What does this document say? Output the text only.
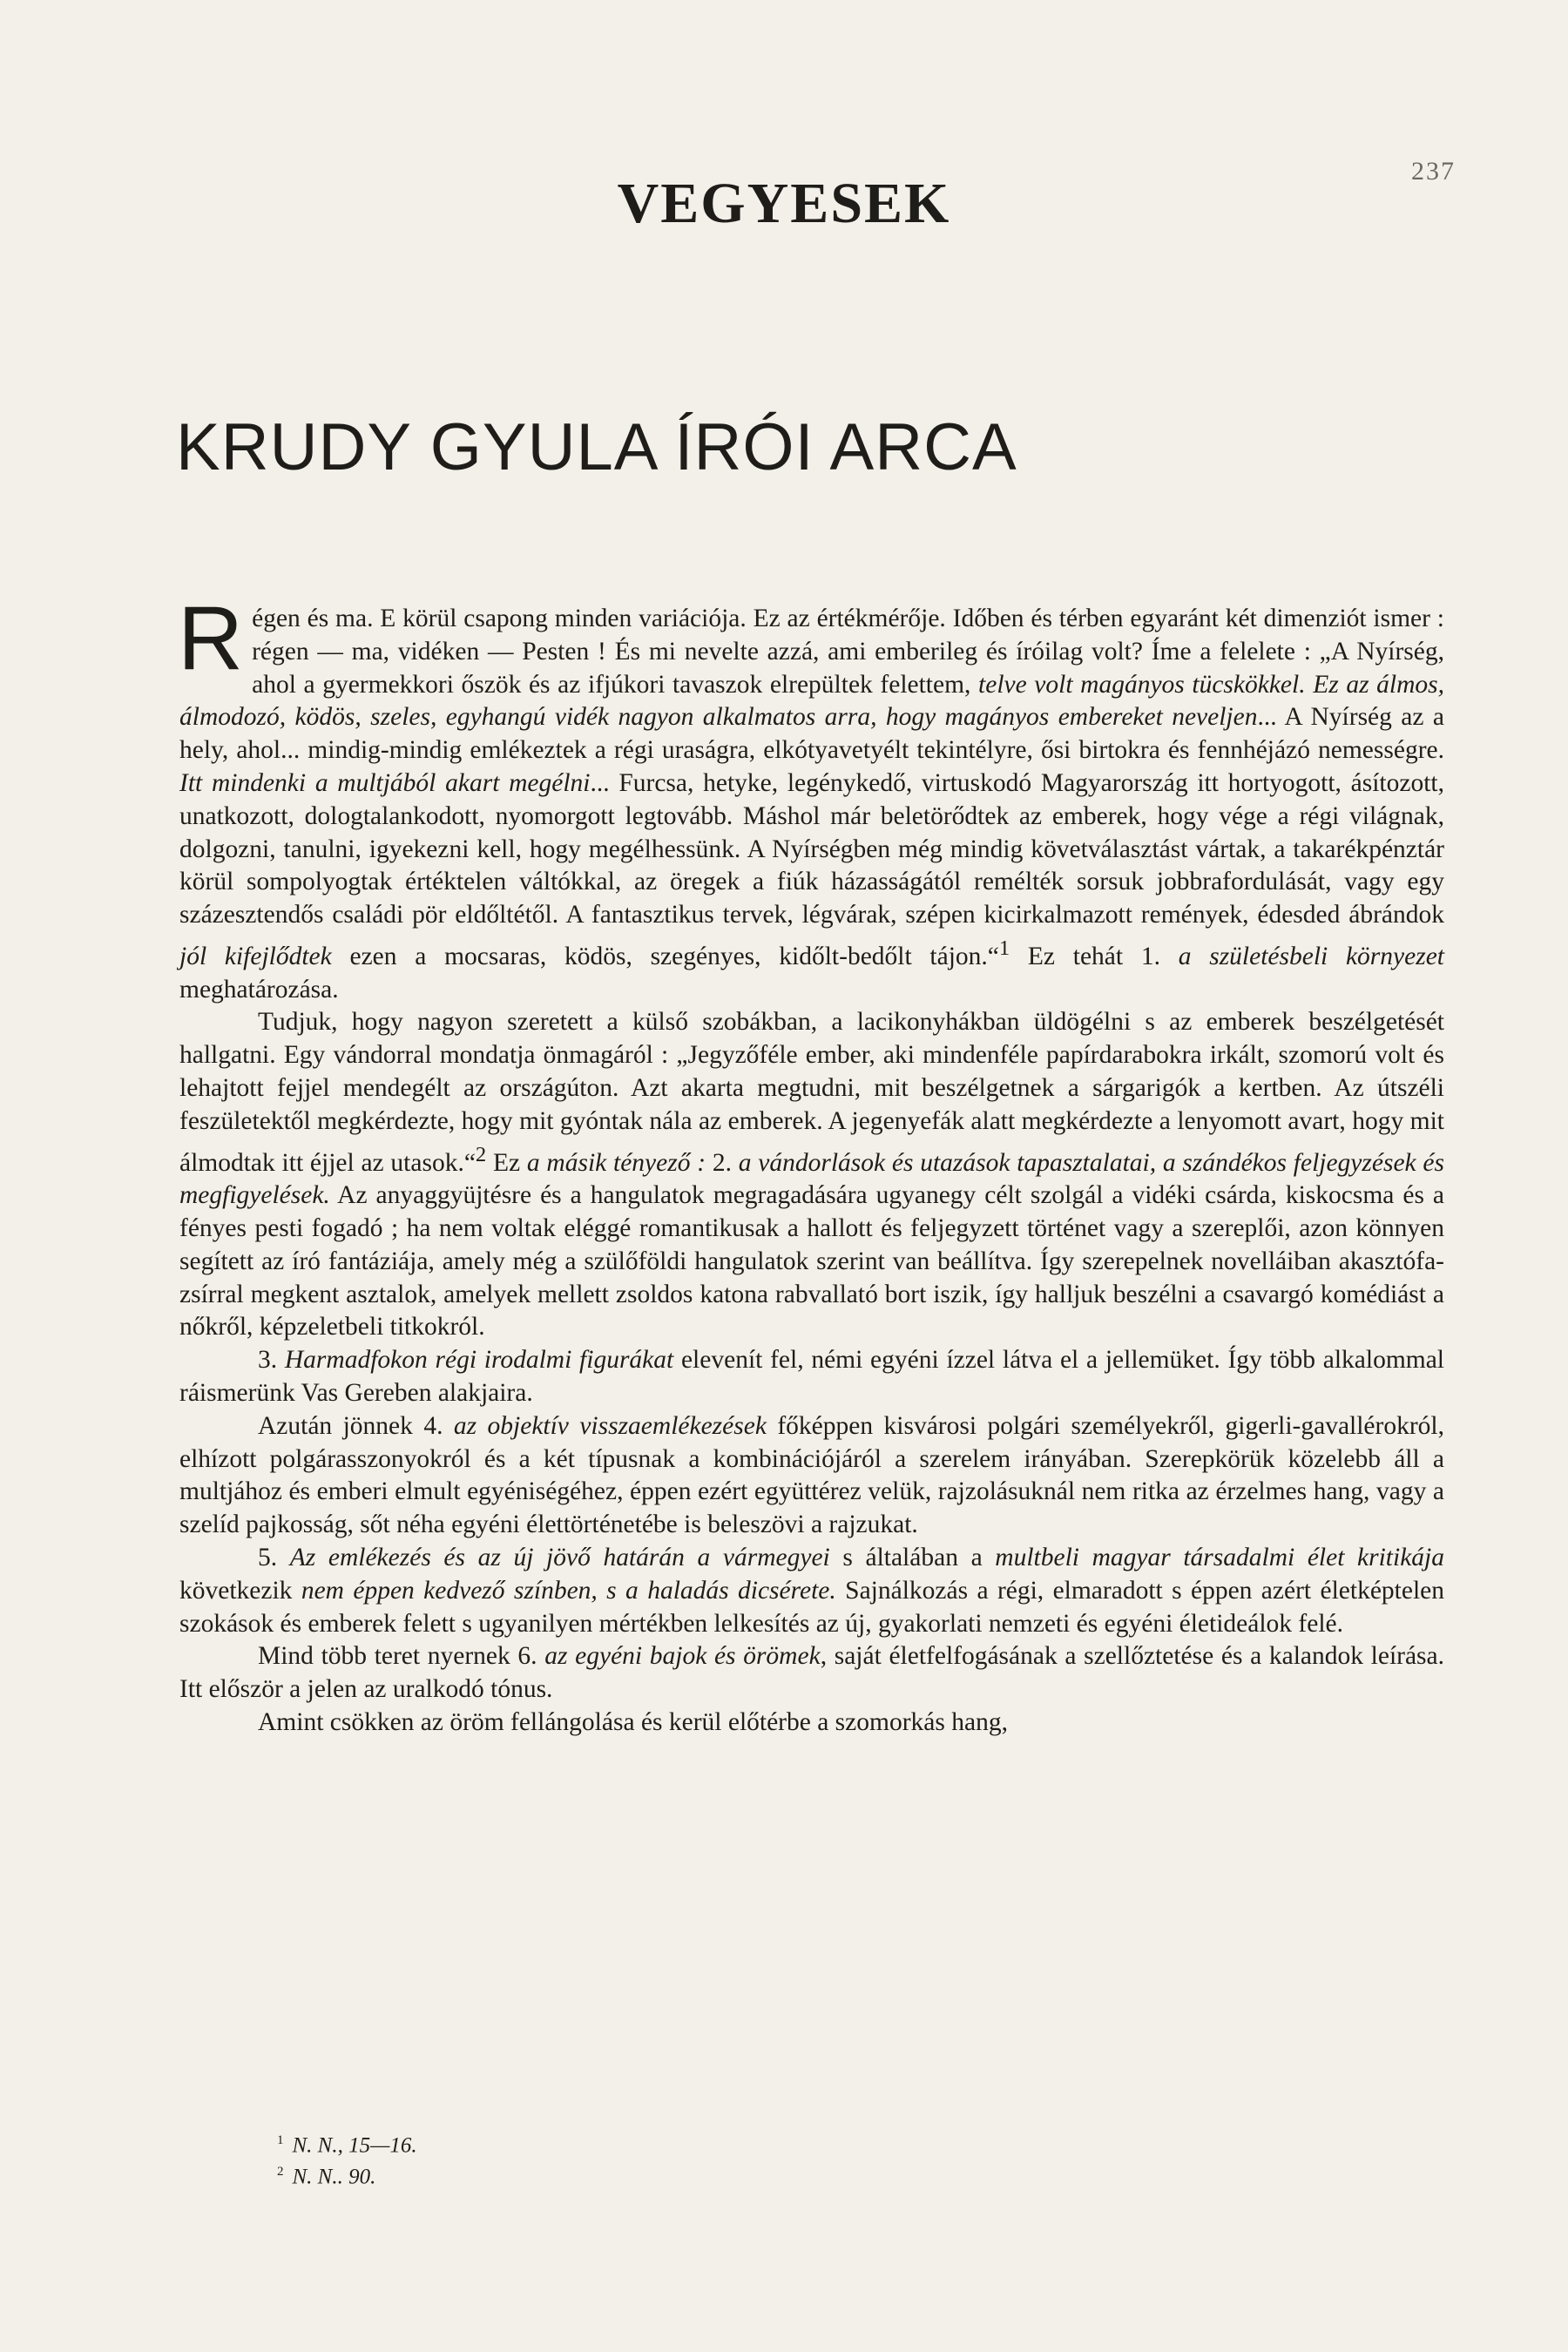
237
VEGYESEK
KRUDY GYULA ÍRÓI ARCA

Régen és ma. E körül csapong minden variációja. Ez az értékmérője. Időben és térben egyaránt két dimenziót ismer : régen — ma, vidéken — Pesten ! És mi nevelte azzá, ami emberileg és íróilag volt? Íme a felelete : „A Nyírség, ahol a gyermekkori őszök és az ifjúkori tavaszok elrepültek felettem, telve volt magányos tücskökkel. Ez az álmos, álmodozó, ködös, szeles, egyhangú vidék nagyon alkalmatos arra, hogy magányos embereket neveljen... A Nyírség az a hely, ahol... mindig-mindig emlékeztek a régi uraságra, elkótyavetyélt tekintélyre, ősi birtokra és fennhéjázó nemességre. Itt mindenki a multjából akart megélni... Furcsa, hetyke, legénykedő, virtuskodó Magyarország itt hortyogott, ásítozott, unatkozott, dologtalankodott, nyomorgott legtovább. Máshol már beletörődtek az emberek, hogy vége a régi világnak, dolgozni, tanulni, igyekezni kell, hogy megélhessünk. A Nyírségben még mindig követválasztást vártak, a takarékpénztár körül sompolyogtak értéktelen váltókkal, az öregek a fiúk házasságától remélték sorsuk jobbrafordulását, vagy egy százesztendős családi pör eldőltétől. A fantasztikus tervek, légvárak, szépen kicirkalmazott remények, édesded ábrándok jól kifejlődtek ezen a mocsaras, ködös, szegényes, kidőlt-bedőlt tájon.“$^1$ Ez tehát 1. a születésbeli környezet meghatározása.

Tudjuk, hogy nagyon szeretett a külső szobákban, a lacikonyhákban üldögélni s az emberek beszélgetését hallgatni. Egy vándorral mondatja önmagáról : „Jegyzőféle ember, aki mindenféle papírdarabokra irkált, szomorú volt és lehajtott fejjel mendegélt az országúton. Azt akarta megtudni, mit beszélgetnek a sárgarigók a kertben. Az útszéli feszületektől megkérdezte, hogy mit gyóntak nála az emberek. A jegenyefák alatt megkérdezte a lenyomott avart, hogy mit álmodtak itt éjjel az utasok.“$^2$ Ez a másik tényező : 2. a vándorlások és utazások tapasztalatai, a szándékos feljegyzések és megfigyelések. Az anyaggyüjtésre és a hangulatok megragadására ugyanegy célt szolgál a vidéki csárda, kiskocsma és a fényes pesti fogadó ; ha nem voltak eléggé romantikusak a hallott és feljegyzett történet vagy a szereplői, azon könnyen segített az író fantáziája, amely még a szülőföldi hangulatok szerint van beállítva. Így szerepelnek novelláiban akasztófa-zsírral megkent asztalok, amelyek mellett zsoldos katona rabvallató bort iszik, így halljuk beszélni a csavargó komédiást a nőkről, képzeletbeli titkokról.

3. Harmadfokon régi irodalmi figurákat elevenít fel, némi egyéni ízzel látva el a jellemüket. Így több alkalommal ráismerünk Vas Gereben alakjaira.

Azután jönnek 4. az objektív visszaemlékezések főképpen kisvárosi polgári személyekről, gigerli-gavallérokról, elhízott polgárasszonyokról és a két típusnak a kombinációjáról a szerelem irányában. Szerepkörük közelebb áll a multjához és emberi elmult egyéniségéhez, éppen ezért együttérez velük, rajzolásuknál nem ritka az érzelmes hang, vagy a szelíd pajkosság, sőt néha egyéni élettörténetébe is beleszövi a rajzukat.

5. Az emlékezés és az új jövő határán a vármegyei s általában a multbeli magyar társadalmi élet kritikája következik nem éppen kedvező színben, s a haladás dicsérete. Sajnálkozás a régi, elmaradott s éppen azért életképtelen szokások és emberek felett s ugyanilyen mértékben lelkesítés az új, gyakorlati nemzeti és egyéni életideálok felé.

Mind több teret nyernek 6. az egyéni bajok és örömek, saját életfelfogásának a szellőztetése és a kalandok leírása. Itt először a jelen az uralkodó tónus.

Amint csökken az öröm fellángolása és kerül előtérbe a szomorkás hang,

$^1$ N. N., 15—16.
$^2$ N. N.. 90.
